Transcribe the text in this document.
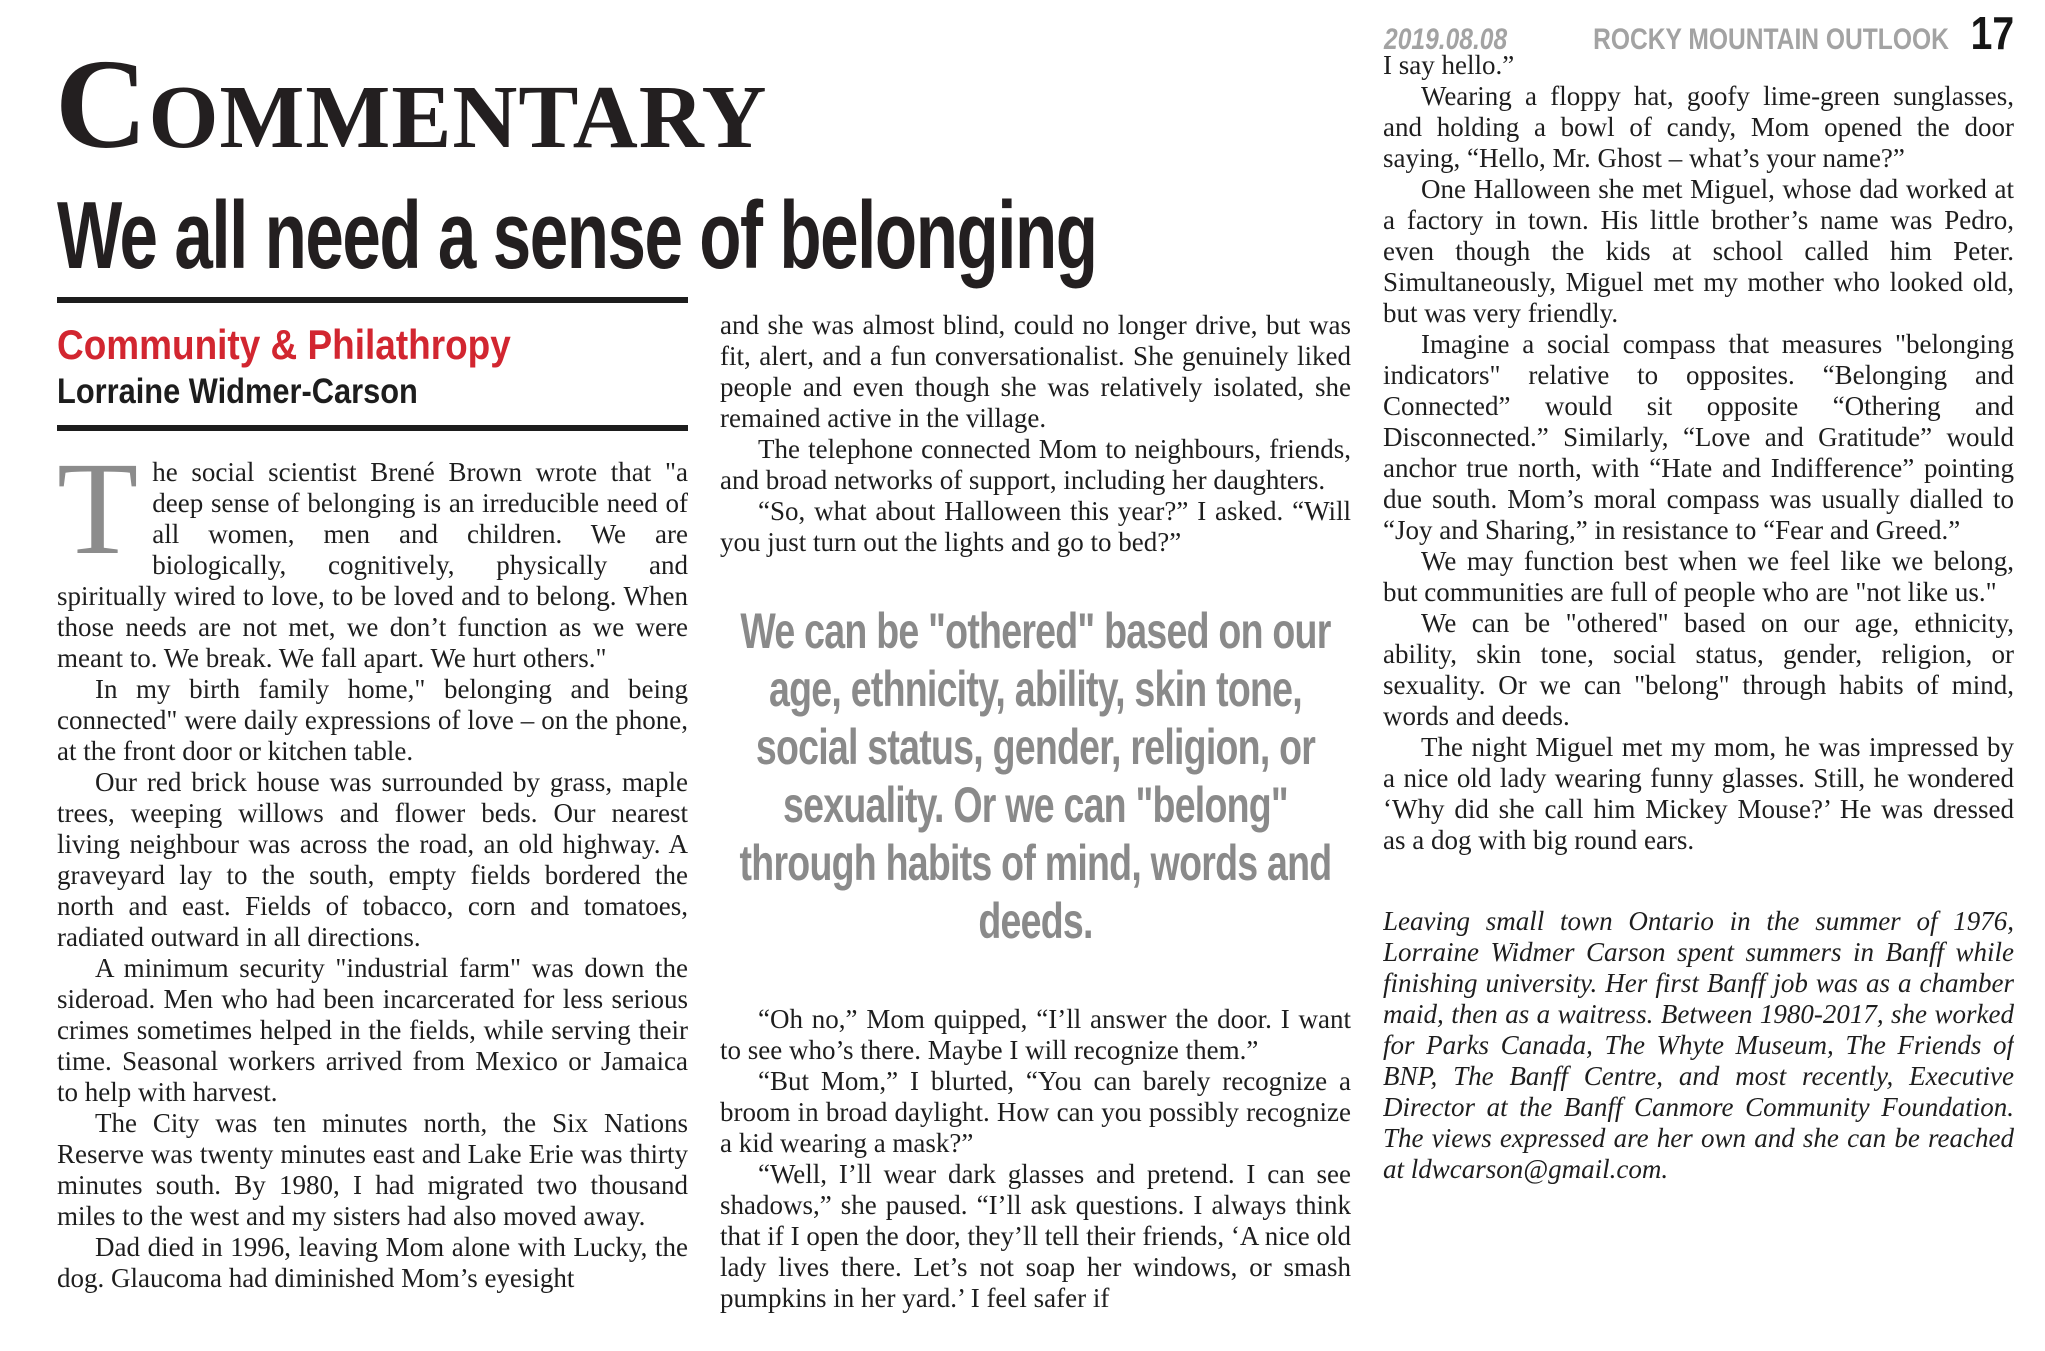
2019.08.08	ROCKY MOUNTAIN OUTLOOK 17
Commentary
We all need a sense of belonging
Community & Philathropy
Lorraine Widmer-Carson

The social scientist Brené Brown wrote that "a deep sense of belonging is an irreducible need of all women, men and children. We are biologically, cognitively, physically and spiritually wired to love, to be loved and to belong. When those needs are not met, we don’t function as we were meant to. We break. We fall apart. We hurt others."

In my birth family home," belonging and being connected" were daily expressions of love – on the phone, at the front door or kitchen table.

Our red brick house was surrounded by grass, maple trees, weeping willows and flower beds. Our nearest living neighbour was across the road, an old highway. A graveyard lay to the south, empty fields bordered the north and east. Fields of tobacco, corn and tomatoes, radiated outward in all directions.

A minimum security "industrial farm" was down the sideroad. Men who had been incarcerated for less serious crimes sometimes helped in the fields, while serving their time. Seasonal workers arrived from Mexico or Jamaica to help with harvest.

The City was ten minutes north, the Six Nations Reserve was twenty minutes east and Lake Erie was thirty minutes south. By 1980, I had migrated two thousand miles to the west and my sisters had also moved away.

Dad died in 1996, leaving Mom alone with Lucky, the dog. Glaucoma had diminished Mom’s eyesight

and she was almost blind, could no longer drive, but was fit, alert, and a fun conversationalist. She genuinely liked people and even though she was relatively isolated, she remained active in the village.

The telephone connected Mom to neighbours, friends, and broad networks of support, including her daughters.

“So, what about Halloween this year?” I asked. “Will you just turn out the lights and go to bed?”

We can be "othered" based on our age, ethnicity, ability, skin tone, social status, gender, religion, or sexuality. Or we can "belong" through habits of mind, words and deeds.

“Oh no,” Mom quipped, “I’ll answer the door. I want to see who’s there. Maybe I will recognize them.”

“But Mom,” I blurted, “You can barely recognize a broom in broad daylight. How can you possibly recognize a kid wearing a mask?”

“Well, I’ll wear dark glasses and pretend. I can see shadows,” she paused. “I’ll ask questions. I always think that if I open the door, they’ll tell their friends, ‘A nice old lady lives there. Let’s not soap her windows, or smash pumpkins in her yard.’ I feel safer if

I say hello.”

Wearing a floppy hat, goofy lime-green sunglasses, and holding a bowl of candy, Mom opened the door saying, “Hello, Mr. Ghost – what’s your name?”

One Halloween she met Miguel, whose dad worked at a factory in town. His little brother’s name was Pedro, even though the kids at school called him Peter. Simultaneously, Miguel met my mother who looked old, but was very friendly.

Imagine a social compass that measures "belonging indicators" relative to opposites. “Belonging and Connected” would sit opposite “Othering and Disconnected.” Similarly, “Love and Gratitude” would anchor true north, with “Hate and Indifference” pointing due south. Mom’s moral compass was usually dialled to “Joy and Sharing,” in resistance to “Fear and Greed.”

We may function best when we feel like we belong, but communities are full of people who are "not like us."

We can be "othered" based on our age, ethnicity, ability, skin tone, social status, gender, religion, or sexuality. Or we can "belong" through habits of mind, words and deeds.

The night Miguel met my mom, he was impressed by a nice old lady wearing funny glasses. Still, he wondered ‘Why did she call him Mickey Mouse?’ He was dressed as a dog with big round ears.

Leaving small town Ontario in the summer of 1976, Lorraine Widmer Carson spent summers in Banff while finishing university. Her first Banff job was as a chamber maid, then as a waitress. Between 1980-2017, she worked for Parks Canada, The Whyte Museum, The Friends of BNP, The Banff Centre, and most recently, Executive Director at the Banff Canmore Community Foundation. The views expressed are her own and she can be reached at ldwcarson@gmail.com.
